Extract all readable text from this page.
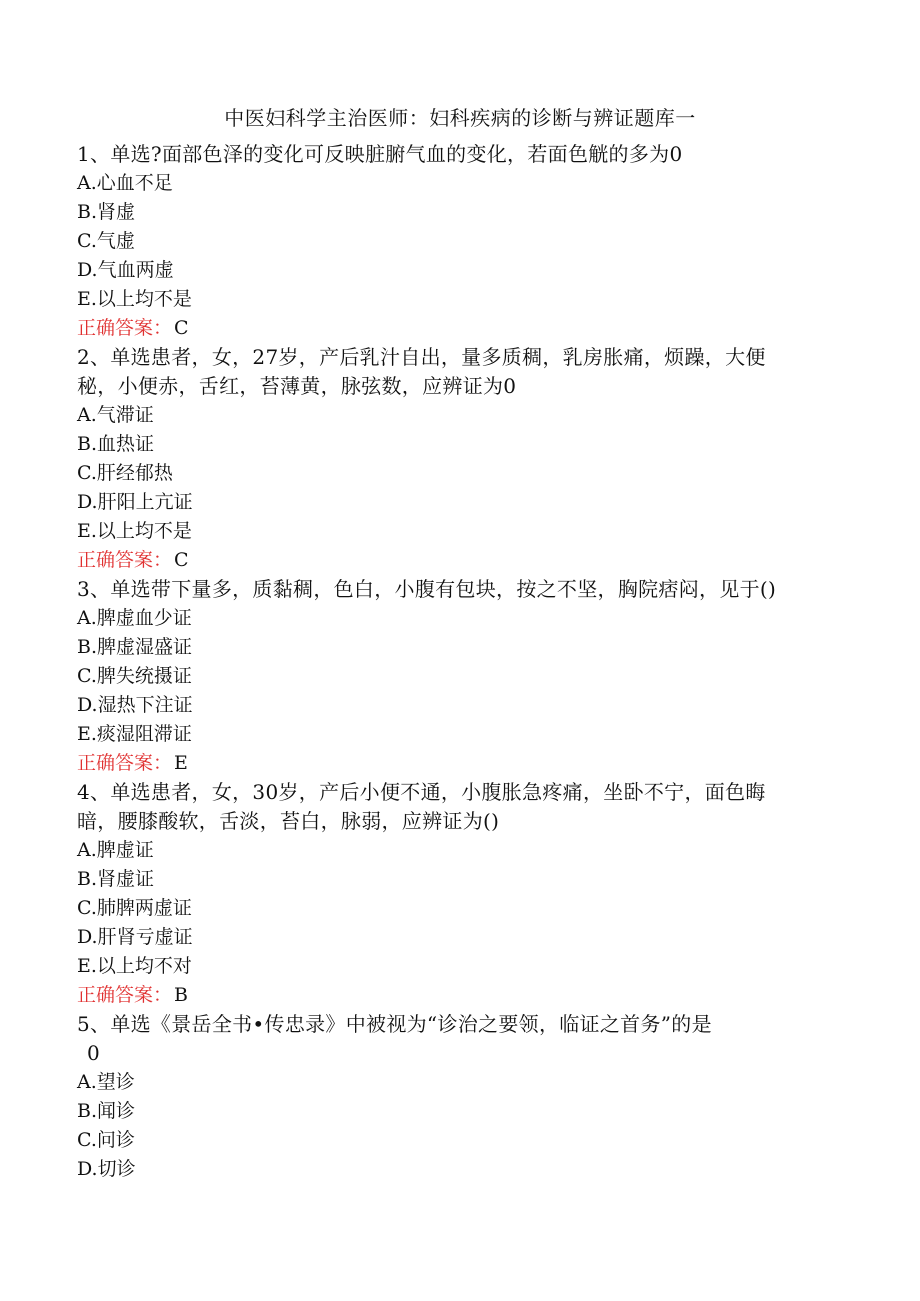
中医妇科学主治医师：妇科疾病的诊断与辨证题库一
1、单选?面部色泽的变化可反映脏腑气血的变化，若面色觥的多为0
A.心血不足
B.肾虚
C.气虚
D.气血两虚
E.以上均不是
正确答案： C
2、单选患者，女，27岁，产后乳汁自出，量多质稠，乳房胀痛，烦躁，大便
秘，小便赤，舌红，苔薄黄，脉弦数，应辨证为0
A.气滞证
B.血热证
C.肝经郁热
D.肝阳上亢证
E.以上均不是
正确答案： C
3、单选带下量多，质黏稠，色白，小腹有包块，按之不坚，胸院痞闷，见于()
A.脾虚血少证
B.脾虚湿盛证
C.脾失统摄证
D.湿热下注证
E.痰湿阻滞证
正确答案： E
4、单选患者，女，30岁，产后小便不通，小腹胀急疼痛，坐卧不宁，面色晦
暗，腰膝酸软，舌淡，苔白，脉弱，应辨证为()
A.脾虚证
B.肾虚证
C.肺脾两虚证
D.肝肾亏虚证
E.以上均不对
正确答案： B
5、单选《景岳全书•传忠录》中被视为“诊治之要领，临证之首务”的是
0
A.望诊
B.闻诊
C.问诊
D.切诊
